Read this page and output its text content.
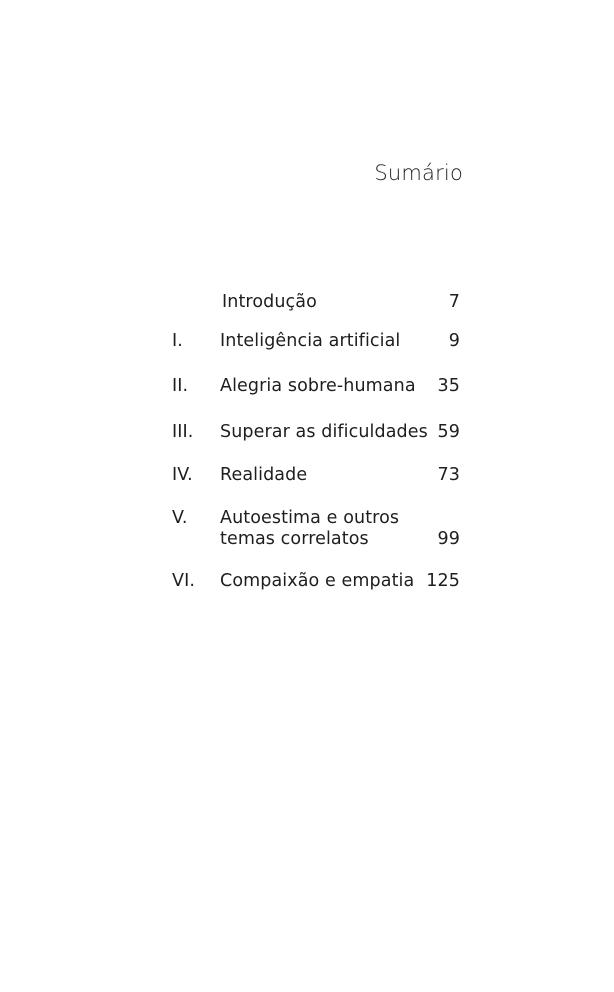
Sumário
Introdução	7
I. Inteligência artificial	9
II. Alegria sobre-humana 35
III. Superar as dificuldades 59
IV. Realidade	73
V. Autoestima e outros
temas correlatos	99
VI. Compaixão e empatia 125
